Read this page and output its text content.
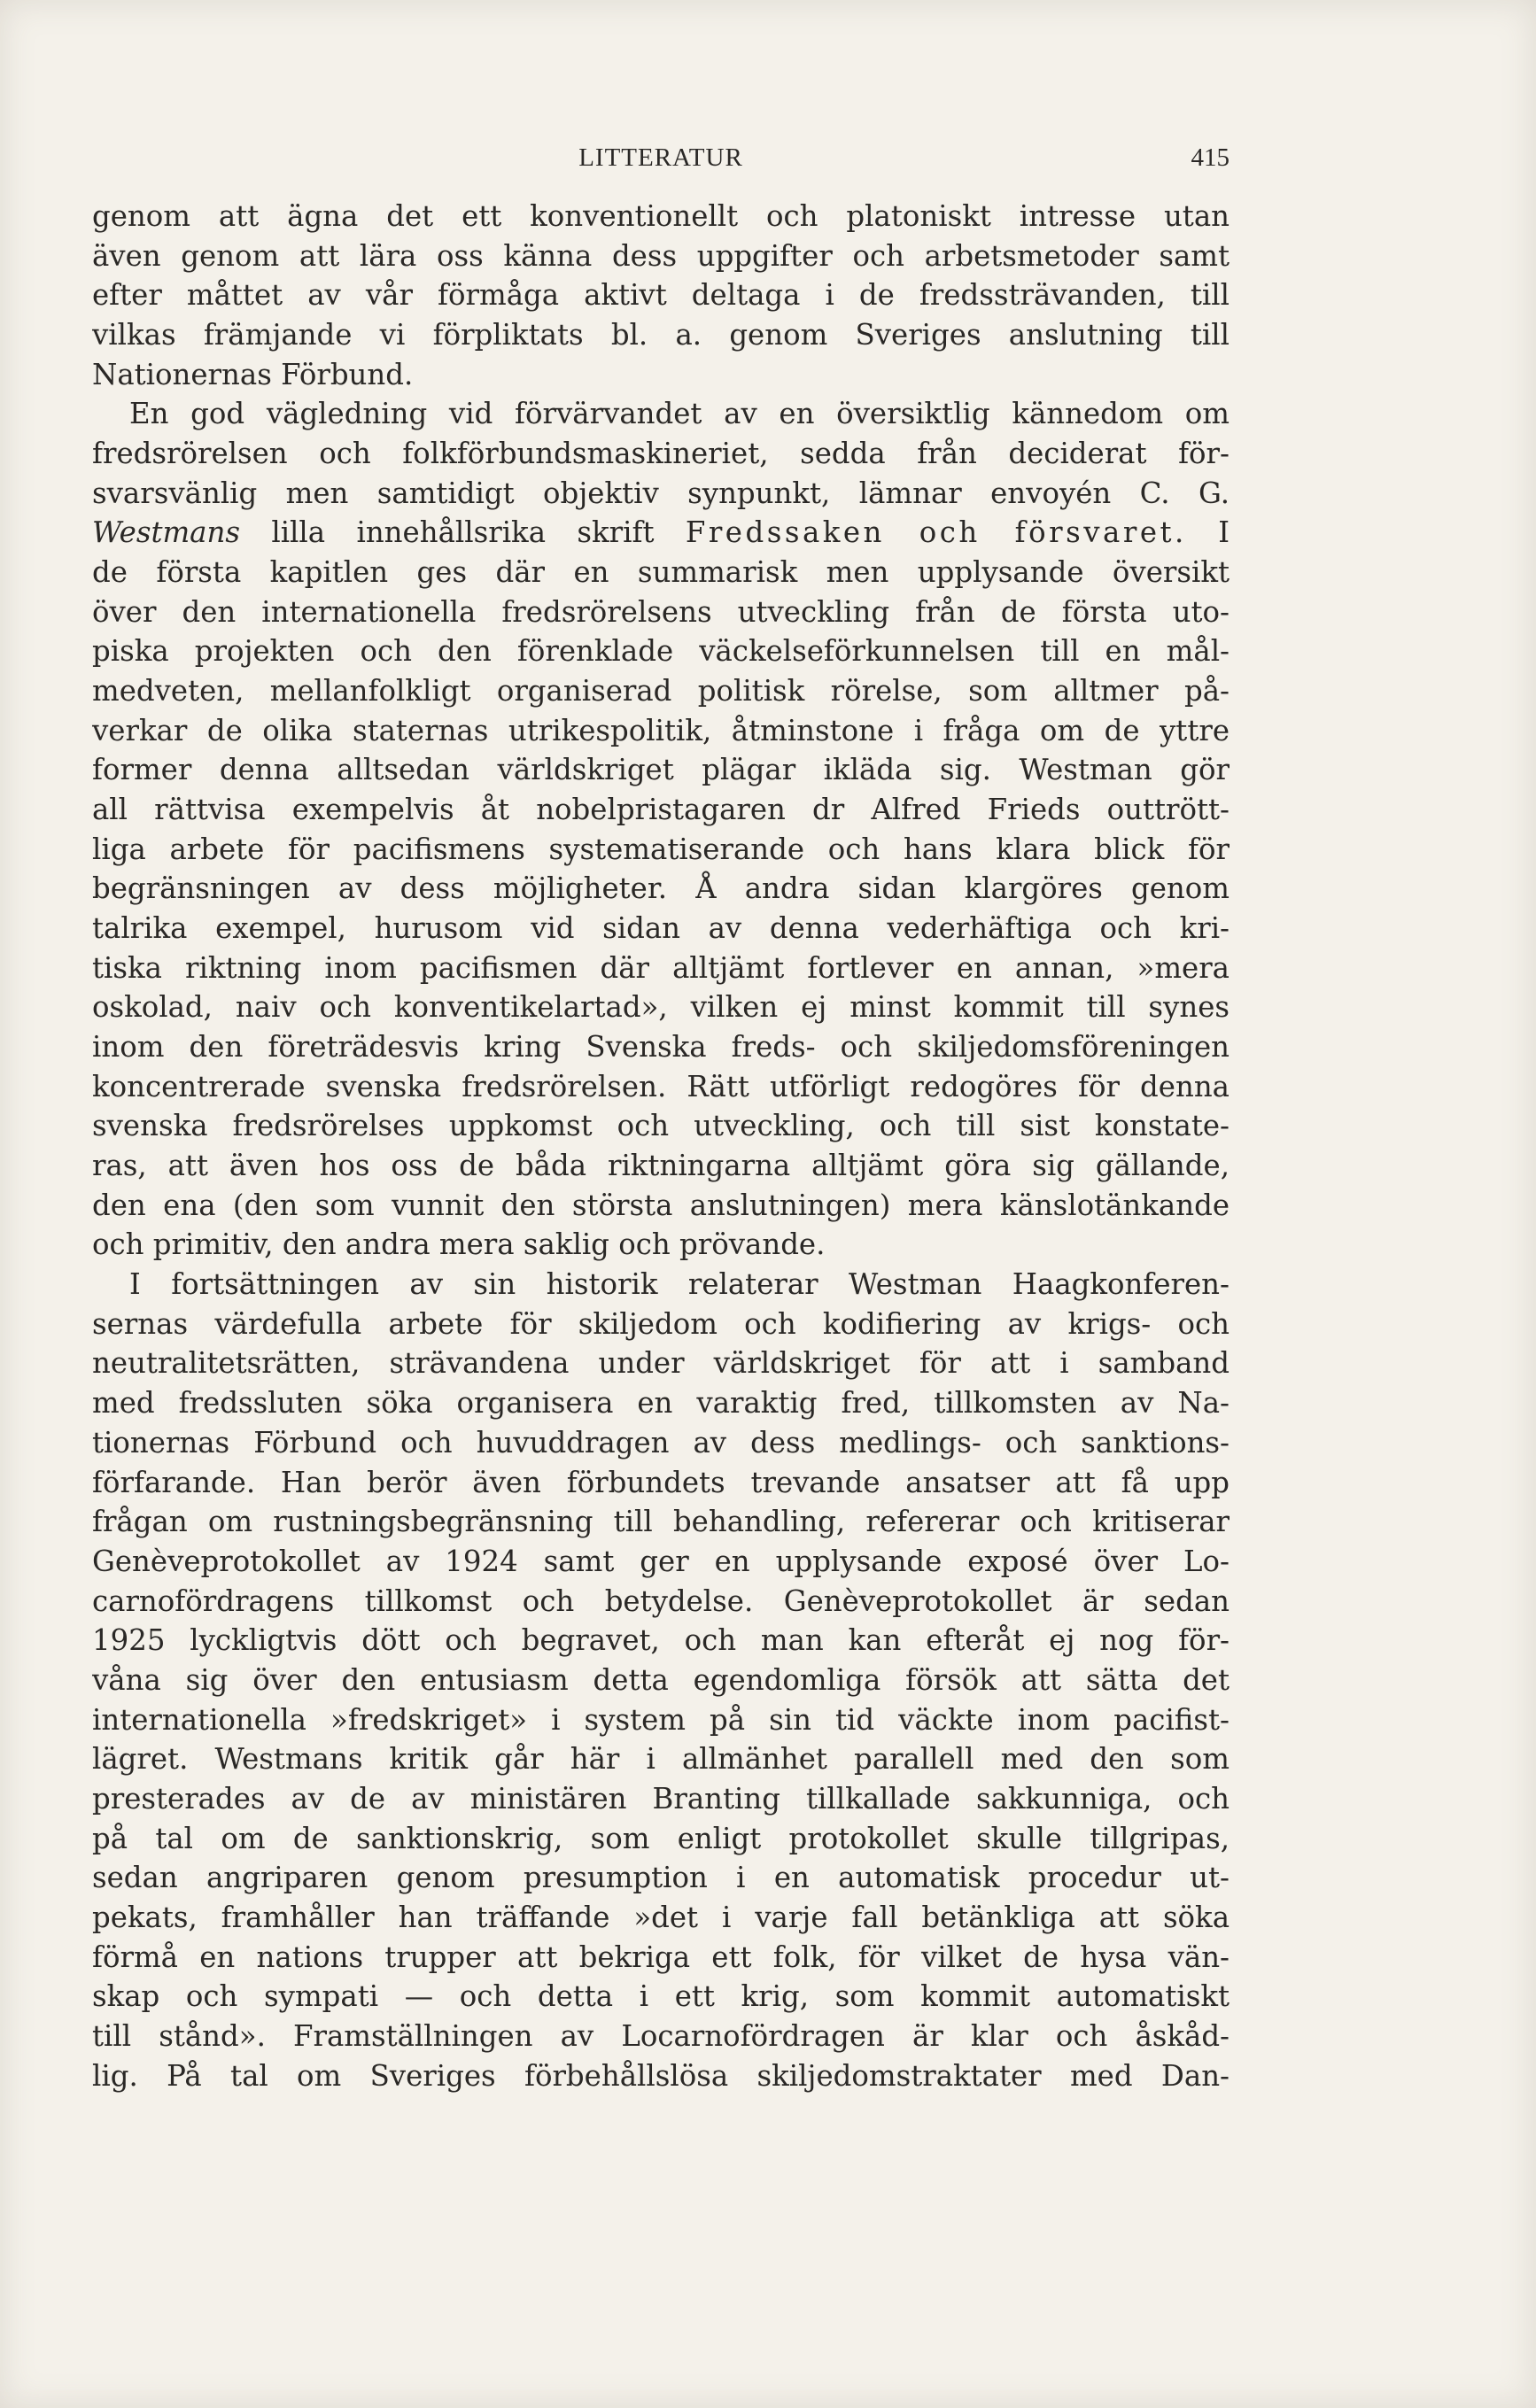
LITTERATUR	415
genom att ägna det ett konventionellt och platoniskt intresse utan
även genom att lära oss känna dess uppgifter och arbetsmetoder samt
efter måttet av vår förmåga aktivt deltaga i de fredssträvanden, till
vilkas främjande vi förpliktats bl. a. genom Sveriges anslutning till
Nationernas Förbund.
En god vägledning vid förvärvandet av en översiktlig kännedom om
fredsrörelsen och folkförbundsmaskineriet, sedda från deciderat för-
svarsvänlig men samtidigt objektiv synpunkt, lämnar envoyén C. G.
Westmans lilla innehållsrika skrift Fredssaken och försvaret. I
de första kapitlen ges där en summarisk men upplysande översikt
över den internationella fredsrörelsens utveckling från de första uto-
piska projekten och den förenklade väckelseförkunnelsen till en mål-
medveten, mellanfolkligt organiserad politisk rörelse, som alltmer på-
verkar de olika staternas utrikespolitik, åtminstone i fråga om de yttre
former denna alltsedan världskriget plägar ikläda sig. Westman gör
all rättvisa exempelvis åt nobelpristagaren dr Alfred Frieds outtrött-
liga arbete för pacifismens systematiserande och hans klara blick för
begränsningen av dess möjligheter. Å andra sidan klargöres genom
talrika exempel, hurusom vid sidan av denna vederhäftiga och kri-
tiska riktning inom pacifismen där alltjämt fortlever en annan, »mera
oskolad, naiv och konventikelartad», vilken ej minst kommit till synes
inom den företrädesvis kring Svenska freds- och skiljedomsföreningen
koncentrerade svenska fredsrörelsen. Rätt utförligt redogöres för denna
svenska fredsrörelses uppkomst och utveckling, och till sist konstate-
ras, att även hos oss de båda riktningarna alltjämt göra sig gällande,
den ena (den som vunnit den största anslutningen) mera känslotänkande
och primitiv, den andra mera saklig och prövande.
I fortsättningen av sin historik relaterar Westman Haagkonferen-
sernas värdefulla arbete för skiljedom och kodifiering av krigs- och
neutralitetsrätten, strävandena under världskriget för att i samband
med fredssluten söka organisera en varaktig fred, tillkomsten av Na-
tionernas Förbund och huvuddragen av dess medlings- och sanktions-
förfarande. Han berör även förbundets trevande ansatser att få upp
frågan om rustningsbegränsning till behandling, refererar och kritiserar
Genèveprotokollet av 1924 samt ger en upplysande exposé över Lo-
carnofördragens tillkomst och betydelse. Genèveprotokollet är sedan
1925 lyckligtvis dött och begravet, och man kan efteråt ej nog för-
våna sig över den entusiasm detta egendomliga försök att sätta det
internationella »fredskriget» i system på sin tid väckte inom pacifist-
lägret. Westmans kritik går här i allmänhet parallell med den som
presterades av de av ministären Branting tillkallade sakkunniga, och
på tal om de sanktionskrig, som enligt protokollet skulle tillgripas,
sedan angriparen genom presumption i en automatisk procedur ut-
pekats, framhåller han träffande »det i varje fall betänkliga att söka
förmå en nations trupper att bekriga ett folk, för vilket de hysa vän-
skap och sympati — och detta i ett krig, som kommit automatiskt
till stånd». Framställningen av Locarnofördragen är klar och åskåd-
lig. På tal om Sveriges förbehållslösa skiljedomstraktater med Dan-
